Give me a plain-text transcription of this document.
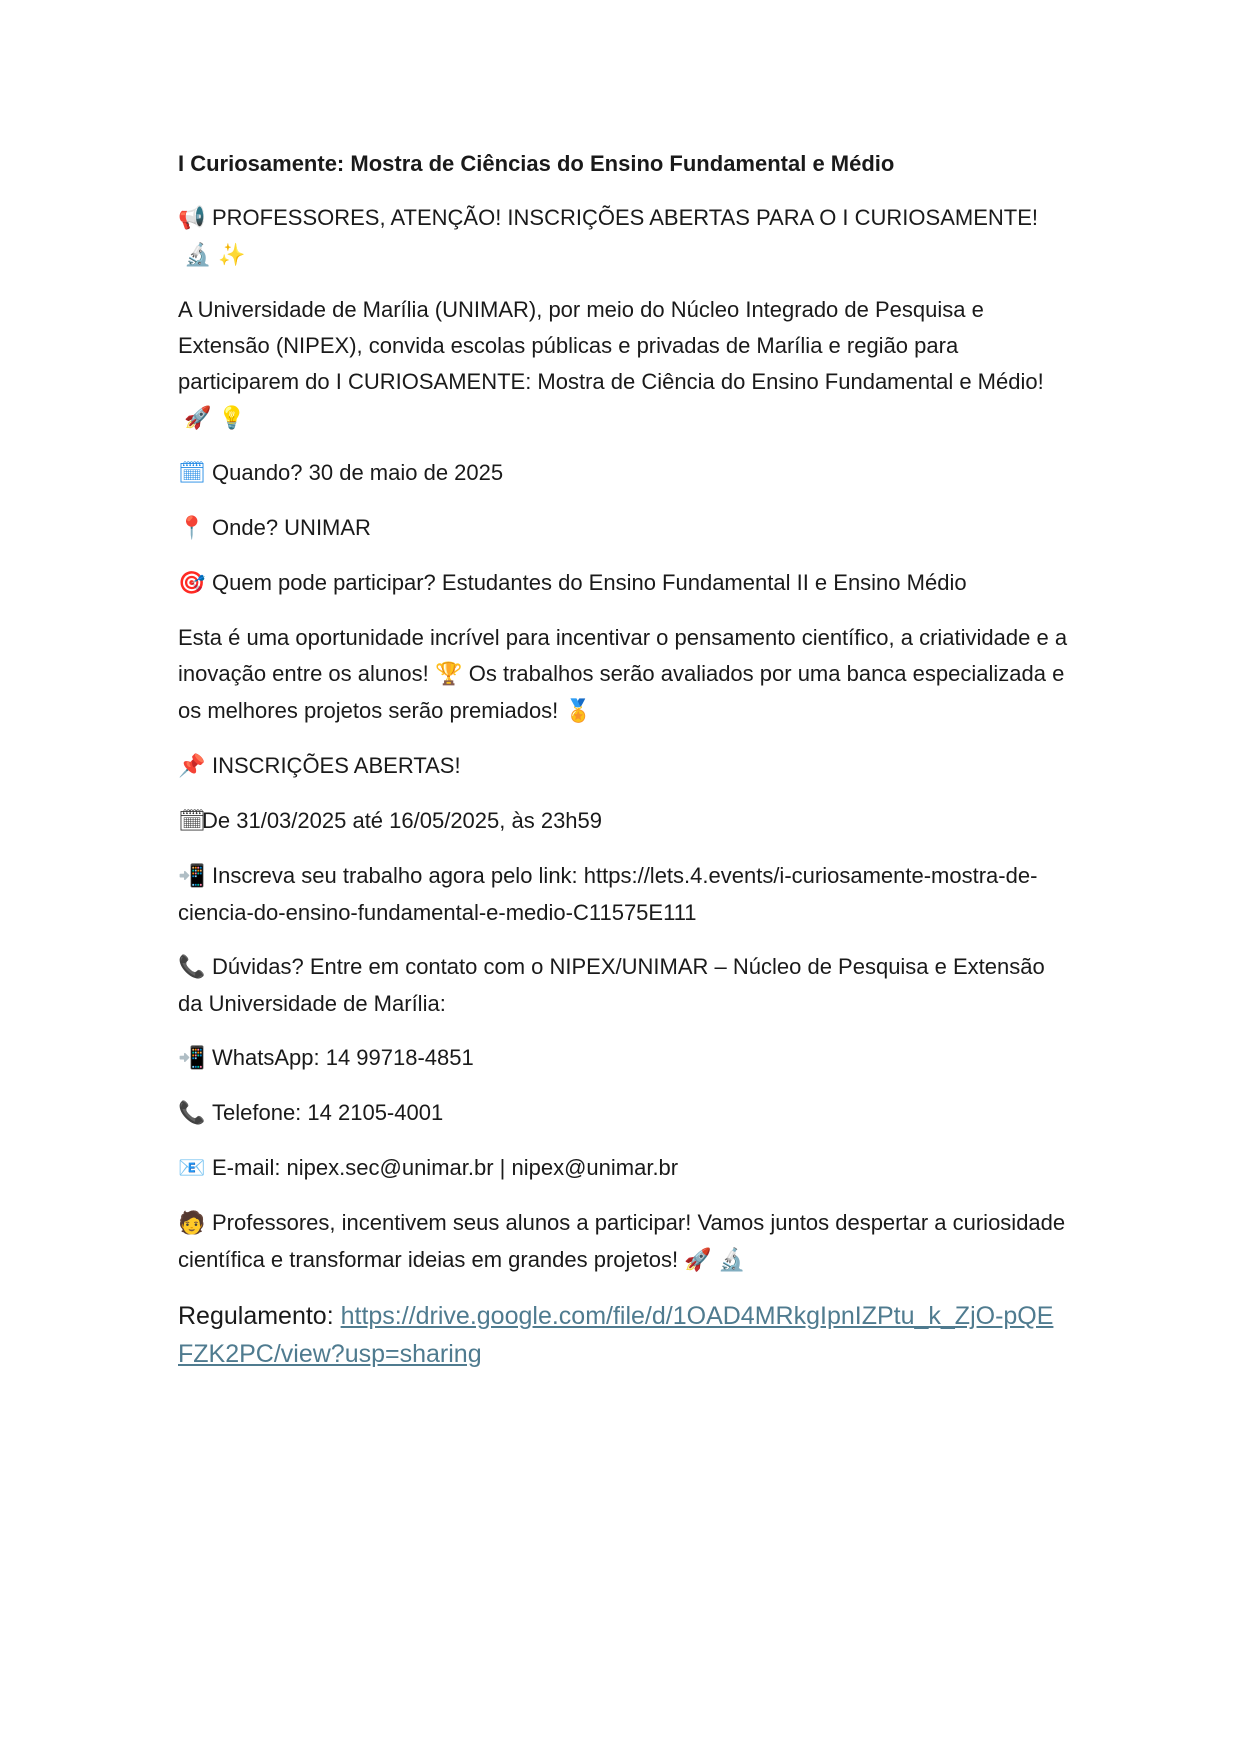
I Curiosamente: Mostra de Ciências do Ensino Fundamental e Médio
📢 PROFESSORES, ATENÇÃO! INSCRIÇÕES ABERTAS PARA O I CURIOSAMENTE!🔬 ✨
A Universidade de Marília (UNIMAR), por meio do Núcleo Integrado de Pesquisa e Extensão (NIPEX), convida escolas públicas e privadas de Marília e região para participarem do I CURIOSAMENTE: Mostra de Ciência do Ensino Fundamental e Médio!🚀 💡
🗓 Quando? 30 de maio de 2025
📍 Onde? UNIMAR
🎯 Quem pode participar? Estudantes do Ensino Fundamental II e Ensino Médio
Esta é uma oportunidade incrível para incentivar o pensamento científico, a criatividade e a inovação entre os alunos! 🏆 Os trabalhos serão avaliados por uma banca especializada e os melhores projetos serão premiados! 🏅
📌 INSCRIÇÕES ABERTAS!
🗓De 31/03/2025 até 16/05/2025, às 23h59
📲 Inscreva seu trabalho agora pelo link: https://lets.4.events/i-curiosamente-mostra-de-ciencia-do-ensino-fundamental-e-medio-C11575E111
📞 Dúvidas? Entre em contato com o NIPEX/UNIMAR – Núcleo de Pesquisa e Extensão da Universidade de Marília:
📲 WhatsApp: 14 99718-4851
📞 Telefone: 14 2105-4001
📧 E-mail: nipex.sec@unimar.br | nipex@unimar.br
🧑 Professores, incentivem seus alunos a participar! Vamos juntos despertar a curiosidade científica e transformar ideias em grandes projetos! 🚀 🔬
Regulamento: https://drive.google.com/file/d/1OAD4MRkgIpnIZPtu_k_ZjO-pQEFZK2PC/view?usp=sharing
